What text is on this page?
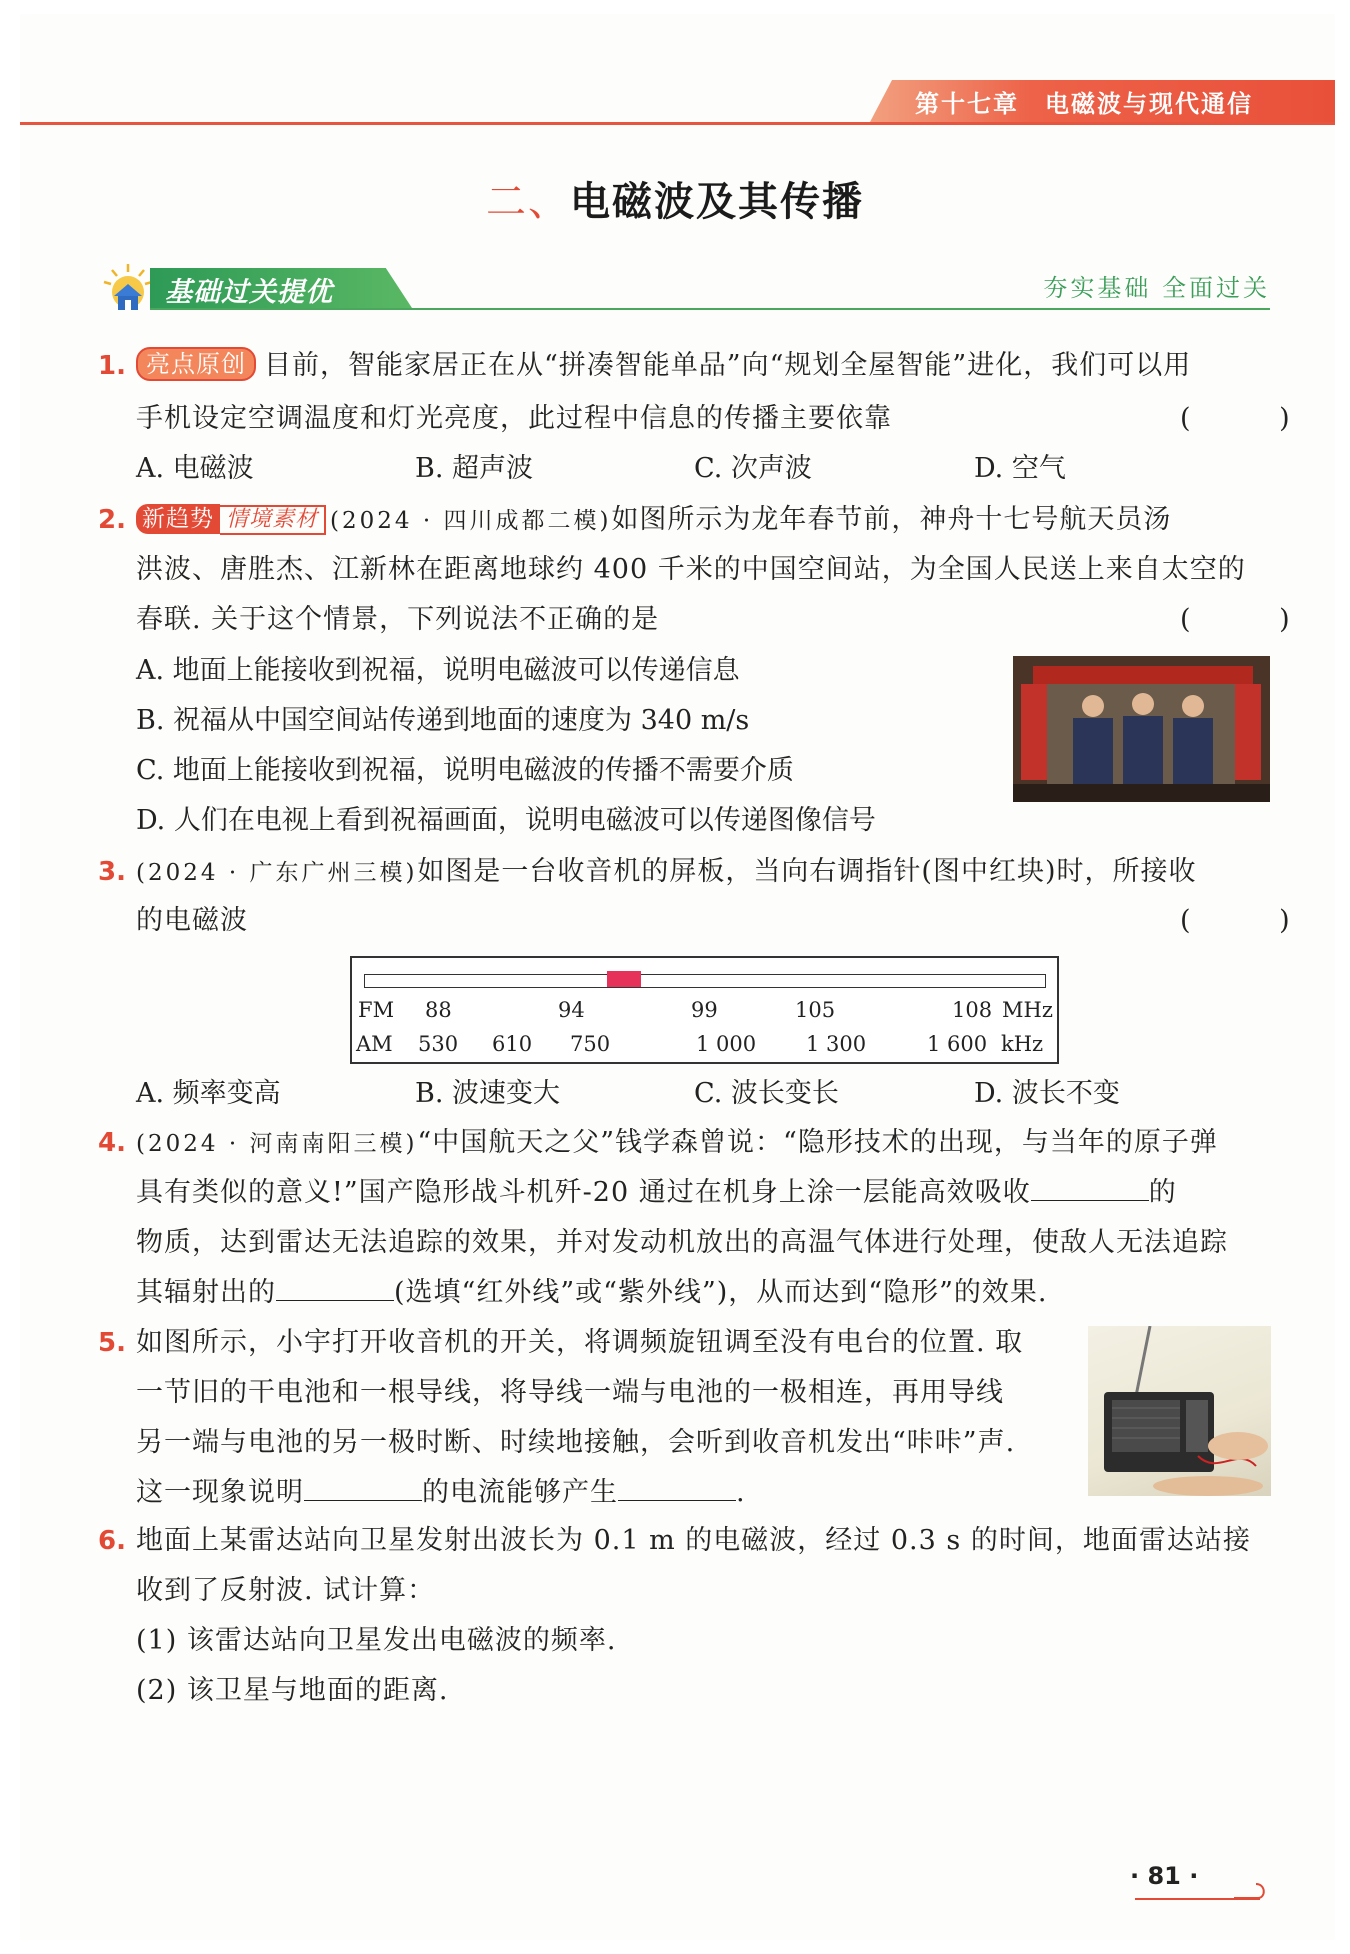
第十七章 电磁波与现代通信
二、电磁波及其传播
基础过关提优	夯实基础 全面过关
1. 亮点原创 目前，智能家居正在从“拼凑智能单品”向“规划全屋智能”进化，我们可以用
手机设定空调温度和灯光亮度，此过程中信息的传播主要依靠	( )
A. 电磁波	B. 超声波	C. 次声波	D. 空气
2. 新趋势 情境素材 (2024 · 四川成都二模)如图所示为龙年春节前，神舟十七号航天员汤
洪波、唐胜杰、江新林在距离地球约 400 千米的中国空间站，为全国人民送上来自太空的
春联. 关于这个情景，下列说法不正确的是	( )
A. 地面上能接收到祝福，说明电磁波可以传递信息
B. 祝福从中国空间站传递到地面的速度为 340 m/s
C. 地面上能接收到祝福，说明电磁波的传播不需要介质
D. 人们在电视上看到祝福画面，说明电磁波可以传递图像信号
3. (2024 · 广东广州三模)如图是一台收音机的屏板，当向右调指针(图中红块)时，所接收
的电磁波	( )
FM 88	94	99	105	108 MHz
AM 530 610 750	1 000 1 300	1 600 kHz
A. 频率变高	B. 波速变大	C. 波长变长	D. 波长不变
4. (2024 · 河南南阳三模)“中国航天之父”钱学森曾说：“隐形技术的出现，与当年的原子弹
具有类似的意义!”国产隐形战斗机歼-20 通过在机身上涂一层能高效吸收	的
物质，达到雷达无法追踪的效果，并对发动机放出的高温气体进行处理，使敌人无法追踪
其辐射出的	(选填“红外线”或“紫外线”)，从而达到“隐形”的效果.
5. 如图所示，小宇打开收音机的开关，将调频旋钮调至没有电台的位置. 取
一节旧的干电池和一根导线，将导线一端与电池的一极相连，再用导线
另一端与电池的另一极时断、时续地接触，会听到收音机发出“咔咔”声.
这一现象说明	的电流能够产生	.
6. 地面上某雷达站向卫星发射出波长为 0.1 m 的电磁波，经过 0.3 s 的时间，地面雷达站接
收到了反射波. 试计算：
(1) 该雷达站向卫星发出电磁波的频率.
(2) 该卫星与地面的距离.
· 81 ·
